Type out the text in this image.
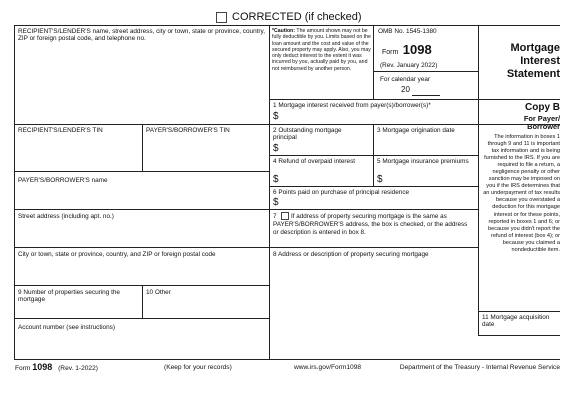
CORRECTED (if checked)
RECIPIENT'S/LENDER'S name, street address, city or town, state or province, country, ZIP or foreign postal code, and telephone no.
*Caution: The amount shown may not be fully deductible by you. Limits based on the loan amount and the cost and value of the secured property may apply. Also, you may only deduct interest to the extent it was incurred by you, actually paid by you, and not reimbursed by another person.
OMB No. 1545-1380
Form 1098
(Rev. January 2022)
For calendar year
20
Mortgage
Interest
Statement
1 Mortgage interest received from payer(s)/borrower(s)*
$
RECIPIENT'S/LENDER'S TIN	PAYER'S/BORROWER'S TIN	2 Outstanding mortgage principal
$
3 Mortgage origination date
4 Refund of overpaid interest
$
5 Mortgage insurance premiums
$
PAYER'S/BORROWER'S name
6 Points paid on purchase of principal residence
$
Street address (including apt. no.)	7	If address of property securing mortgage is the same as PAYER'S/BORROWER'S address, the box is checked, or the address or description is entered in box 8.
City or town, state or province, country, and ZIP or foreign postal code	8 Address or description of property securing mortgage
9 Number of properties securing the mortgage
10 Other
Account number (see instructions)
Copy B
For Payer/
Borrower
The information in boxes 1 through 9 and 11 is important tax information and is being furnished to the IRS. If you are required to file a return, a negligence penalty or other sanction may be imposed on you if the IRS determines that an underpayment of tax results because you overstated a deduction for this mortgage interest or for these points, reported in boxes 1 and 6; or because you didn't report the refund of interest (box 4); or because you claimed a nondeductible item.
11 Mortgage acquisition date
Form 1098 (Rev. 1-2022)	(Keep for your records)	www.irs.gov/Form1098	Department of the Treasury - Internal Revenue Service
